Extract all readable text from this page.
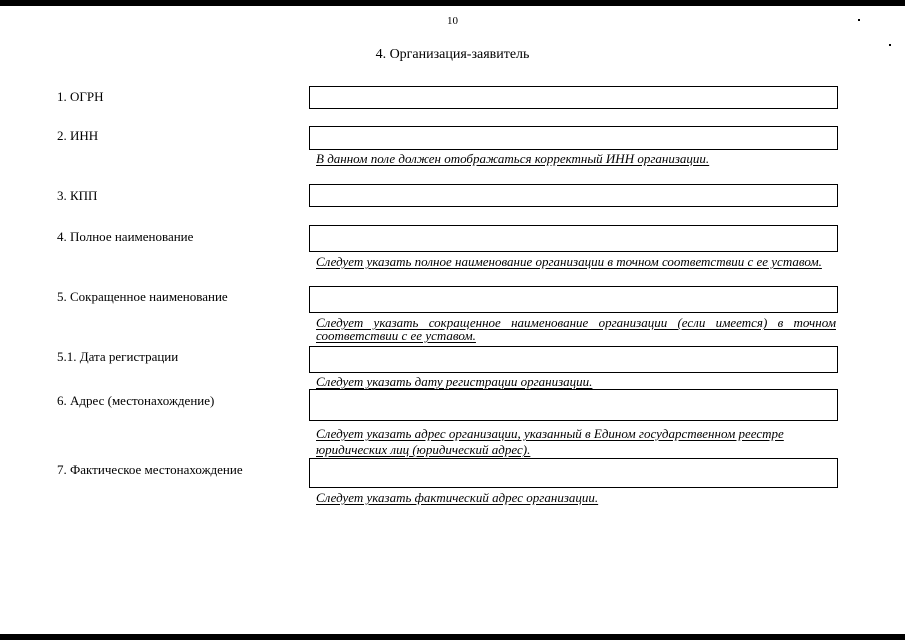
10
4. Организация-заявитель
1. ОГРН
2. ИНН
В данном поле должен отображаться корректный ИНН организации.
3. КПП
4. Полное наименование
Следует указать полное наименование организации в точном соответствии с ее уставом.
5. Сокращенное наименование
Следует указать сокращенное наименование организации (если имеется) в точном соответствии с ее уставом.
5.1. Дата регистрации
Следует указать дату регистрации организации.
6. Адрес (местонахождение)
Следует указать адрес организации, указанный в Едином государственном реестре юридических лиц (юридический адрес).
7. Фактическое местонахождение
Следует указать фактический адрес организации.
